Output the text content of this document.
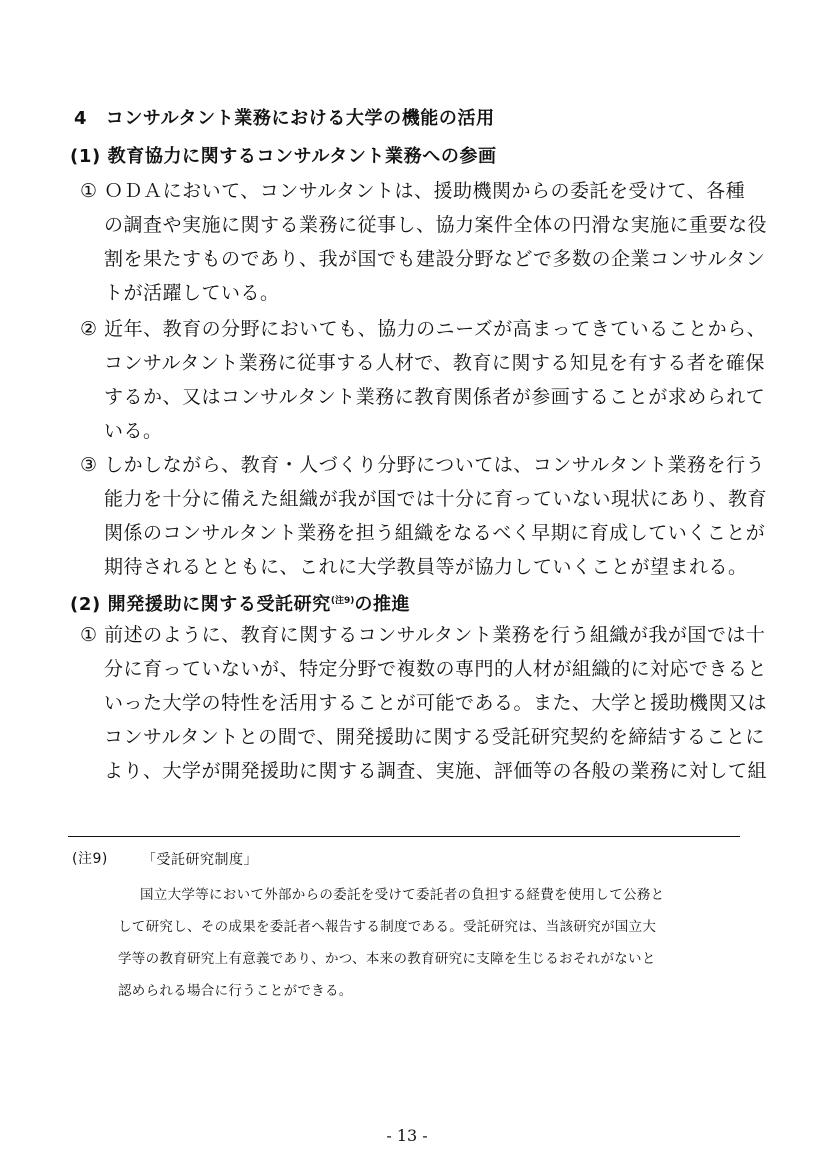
4　コンサルタント業務における大学の機能の活用
(1) 教育協力に関するコンサルタント業務への参画
① ＯＤＡにおいて、コンサルタントは、援助機関からの委託を受けて、各種
の調査や実施に関する業務に従事し、協力案件全体の円滑な実施に重要な役
割を果たすものであり、我が国でも建設分野などで多数の企業コンサルタン
トが活躍している。
② 近年、教育の分野においても、協力のニーズが高まってきていることから、
コンサルタント業務に従事する人材で、教育に関する知見を有する者を確保
するか、又はコンサルタント業務に教育関係者が参画することが求められて
いる。
③ しかしながら、教育・人づくり分野については、コンサルタント業務を行う
能力を十分に備えた組織が我が国では十分に育っていない現状にあり、教育
関係のコンサルタント業務を担う組織をなるべく早期に育成していくことが
期待されるとともに、これに大学教員等が協力していくことが望まれる。
(2) 開発援助に関する受託研究$^{(注9)}$の推進
① 前述のように、教育に関するコンサルタント業務を行う組織が我が国では十
分に育っていないが、特定分野で複数の専門的人材が組織的に対応できると
いった大学の特性を活用することが可能である。また、大学と援助機関又は
コンサルタントとの間で、開発援助に関する受託研究契約を締結することに
より、大学が開発援助に関する調査、実施、評価等の各般の業務に対して組
(注9) 「受託研究制度」
国立大学等において外部からの委託を受けて委託者の負担する経費を使用して公務と
して研究し、その成果を委託者へ報告する制度である。受託研究は、当該研究が国立大
学等の教育研究上有意義であり、かつ、本来の教育研究に支障を生じるおそれがないと
認められる場合に行うことができる。
- 13 -
